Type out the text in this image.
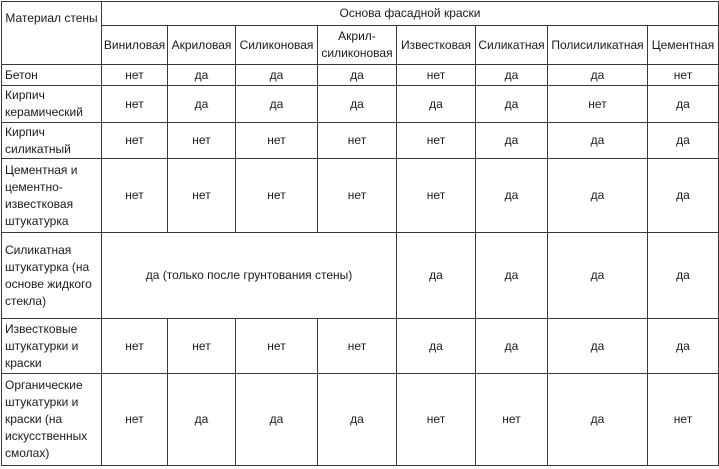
Материал стены	Основа фасадной краски							
	Виниловая	Акриловая	Силиконовая	Акрил-силиконовая	Известковая	Силикатная	Полисиликатная	Цементная
Бетон	нет	да	да	да	нет	да	да	нет
Кирпич керамический	нет	да	да	да	да	да	нет	да
Кирпич силикатный	нет	нет	нет	нет	нет	да	да	да
Цементная и цементно-известковая штукатурка	нет	нет	нет	нет	нет	да	да	да
Силикатная штукатурка (на основе жидкого стекла)	да (только после грунтования стены)				да	да	да	да
Известковые штукатурки и краски	нет	нет	нет	нет	да	да	да	да
Органические штукатурки и краски (на искусственных смолах)	нет	да	да	да	нет	нет	да	нет
